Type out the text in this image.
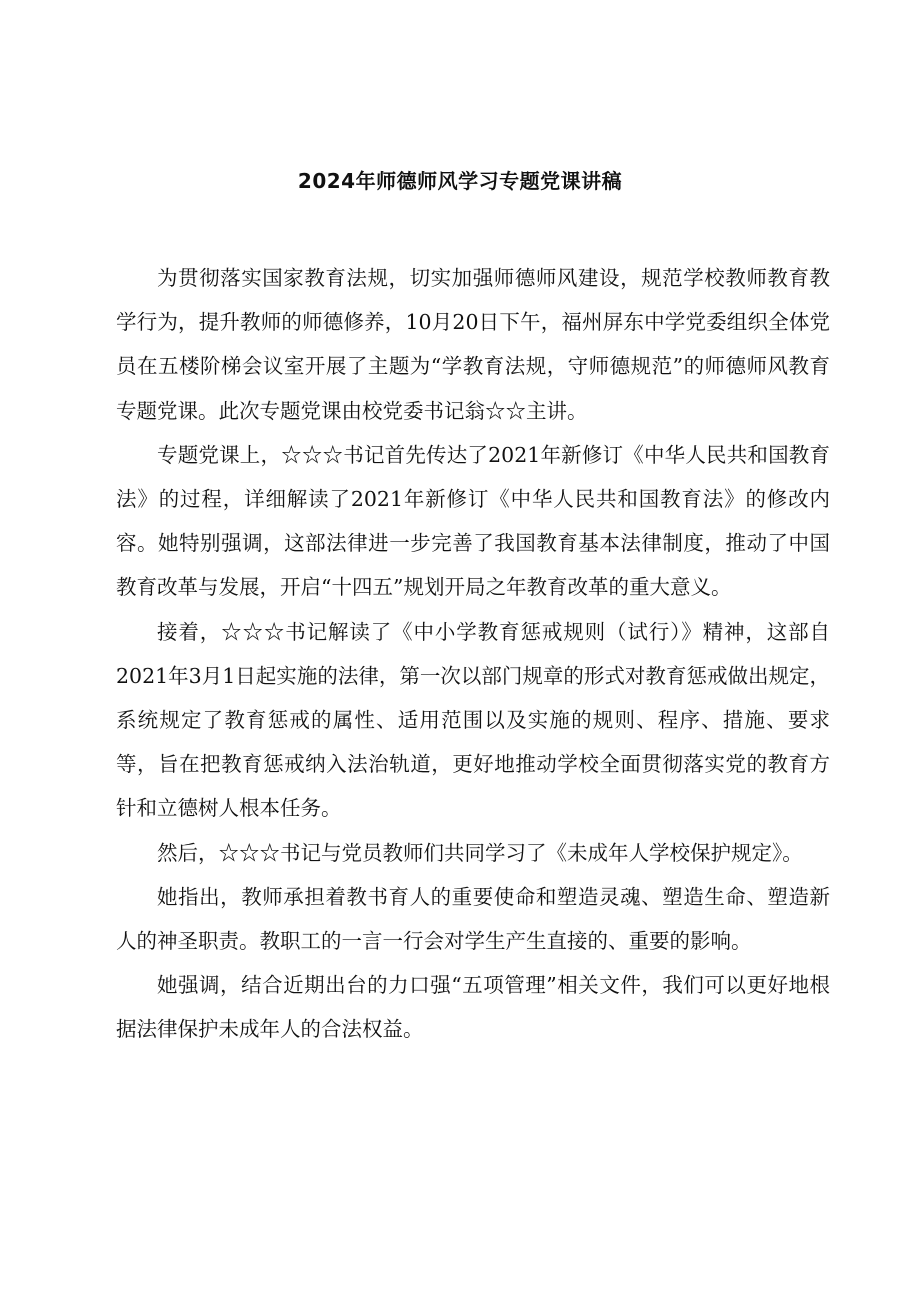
2024年师德师风学习专题党课讲稿

为贯彻落实国家教育法规，切实加强师德师风建设，规范学校教师教育教学行为，提升教师的师德修养，10月20日下午，福州屏东中学党委组织全体党员在五楼阶梯会议室开展了主题为“学教育法规，守师德规范”的师德师风教育专题党课。此次专题党课由校党委书记翁☆☆主讲。

专题党课上，☆☆☆书记首先传达了2021年新修订《中华人民共和国教育法》的过程，详细解读了2021年新修订《中华人民共和国教育法》的修改内容。她特别强调，这部法律进一步完善了我国教育基本法律制度，推动了中国教育改革与发展，开启“十四五”规划开局之年教育改革的重大意义。

接着，☆☆☆书记解读了《中小学教育惩戒规则（试行）》精神，这部自2021年3月1日起实施的法律，第一次以部门规章的形式对教育惩戒做出规定，系统规定了教育惩戒的属性、适用范围以及实施的规则、程序、措施、要求等，旨在把教育惩戒纳入法治轨道，更好地推动学校全面贯彻落实党的教育方针和立德树人根本任务。

然后，☆☆☆书记与党员教师们共同学习了《未成年人学校保护规定》。

她指出，教师承担着教书育人的重要使命和塑造灵魂、塑造生命、塑造新人的神圣职责。教职工的一言一行会对学生产生直接的、重要的影响。

她强调，结合近期出台的力口强“五项管理”相关文件，我们可以更好地根据法律保护未成年人的合法权益。
